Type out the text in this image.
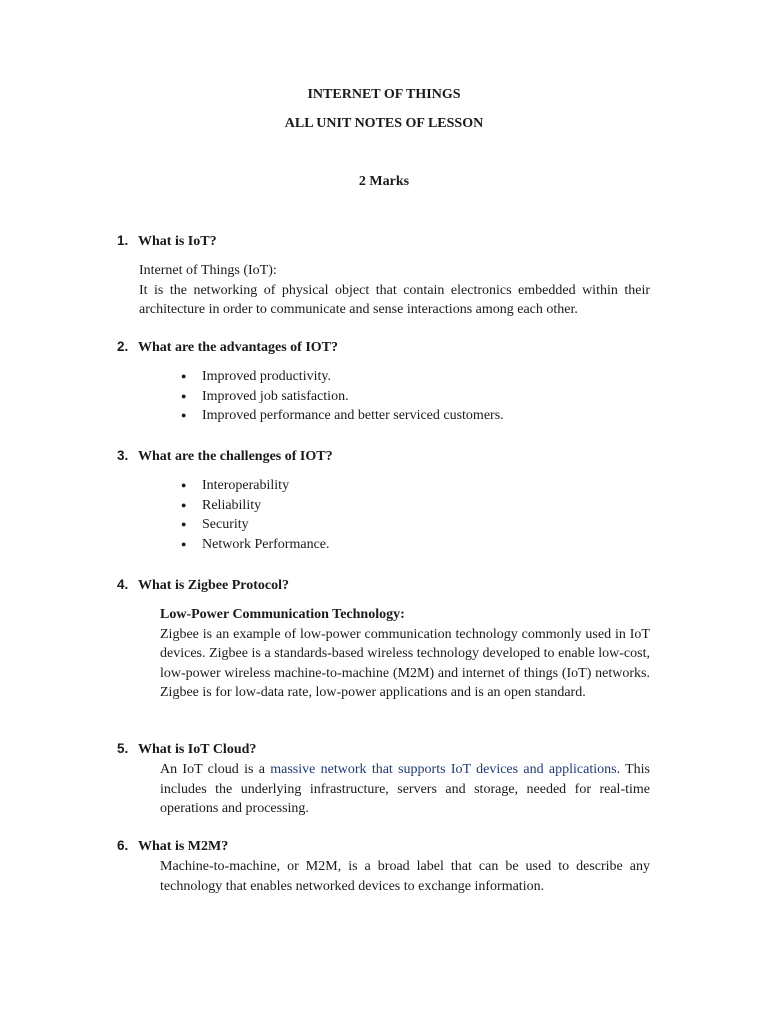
INTERNET OF THINGS
ALL UNIT NOTES OF LESSON
2 Marks
1. What is IoT?
Internet of Things (IoT):
It is the networking of physical object that contain electronics embedded within their
architecture in order to communicate and sense interactions among each other.
2. What are the advantages of IOT?
● Improved productivity.
● Improved job satisfaction.
● Improved performance and better serviced customers.
3. What are the challenges of IOT?
● Interoperability
● Reliability
● Security
● Network Performance.
4. What is Zigbee Protocol?
Low-Power Communication Technology:
Zigbee is an example of low-power communication technology commonly used in IoT
devices. Zigbee is a standards-based wireless technology developed to enable low-cost,
low-power wireless machine-to-machine (M2M) and internet of things (IoT) networks.
Zigbee is for low-data rate, low-power applications and is an open standard.
5. What is IoT Cloud?
An IoT cloud is a massive network that supports IoT devices and applications. This
includes the underlying infrastructure, servers and storage, needed for real-time
operations and processing.
6. What is M2M?
Machine-to-machine, or M2M, is a broad label that can be used to describe any
technology that enables networked devices to exchange information.
